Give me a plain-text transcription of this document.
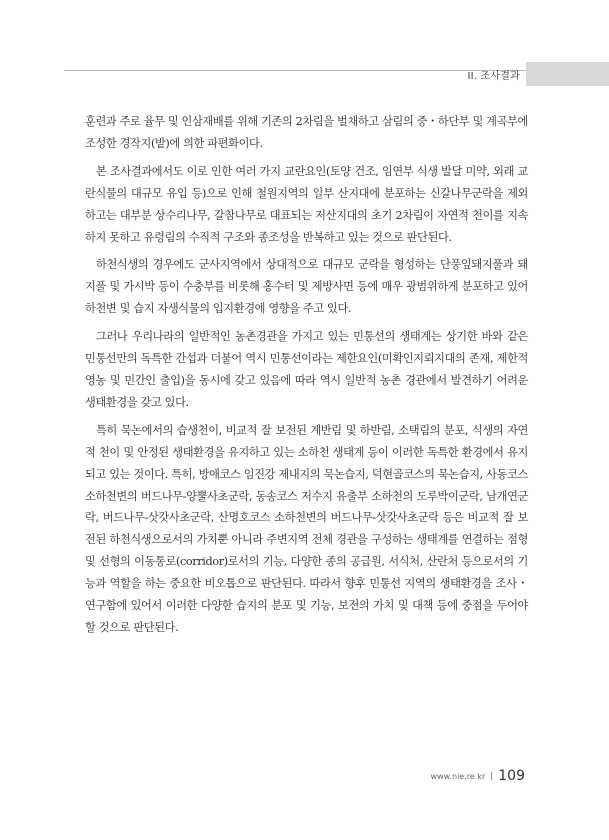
II. 조사결과

훈련과 주로 율무 및 인삼재배를 위해 기존의 2차림을 벌채하고 삼림의 중・하단부 및 계곡부에 조성한 경작지(밭)에 의한 파편화이다.

본 조사결과에서도 이로 인한 여러 가지 교란요인(토양 건조, 임연부 식생 발달 미약, 외래 교란식물의 대규모 유입 등)으로 인해 철원지역의 일부 산지대에 분포하는 신갈나무군락을 제외하고는 대부분 상수리나무, 갈참나무로 대표되는 저산지대의 초기 2차림이 자연적 천이를 지속하지 못하고 유령림의 수직적 구조와 종조성을 반복하고 있는 것으로 판단된다.

하천식생의 경우에도 군사지역에서 상대적으로 대규모 군락을 형성하는 단풍잎돼지풀과 돼지풀 및 가시박 등이 수충부를 비롯해 홍수터 및 제방사면 등에 매우 광범위하게 분포하고 있어 하천변 및 습지 자생식물의 입지환경에 영향을 주고 있다.

그러나 우리나라의 일반적인 농촌경관을 가지고 있는 민통선의 생태계는 상기한 바와 같은 민통선만의 독특한 간섭과 더불어 역시 민통선이라는 제한요인(미확인지뢰지대의 존재, 제한적 영농 및 민간인 출입)을 동시에 갖고 있음에 따라 역시 일반적 농촌 경관에서 발견하기 어려운 생태환경을 갖고 있다.

특히 묵논에서의 습생천이, 비교적 잘 보전된 계반림 및 하반림, 소택림의 분포, 식생의 자연적 천이 및 안정된 생태환경을 유지하고 있는 소하천 생태계 등이 이러한 독특한 환경에서 유지되고 있는 것이다. 특히, 방애코스 임진강 제내지의 묵논습지, 덕현골코스의 묵논습지, 사동코스 소하천변의 버드나무-양뿔사초군락, 동송코스 저수지 유출부 소하천의 도루박이군락, 남개연군락, 버드나무-삿갓사초군락, 산명호코스 소하천변의 버드나무-삿갓사초군락 등은 비교적 잘 보전된 하천식생으로서의 가치뿐 아니라 주변지역 전체 경관을 구성하는 생태계를 연결하는 점형 및 선형의 이동통로(corridor)로서의 기능, 다양한 종의 공급원, 서식처, 산란처 등으로서의 기능과 역할을 하는 중요한 비오톱으로 판단된다. 따라서 향후 민통선 지역의 생태환경을 조사・연구함에 있어서 이러한 다양한 습지의 분포 및 기능, 보전의 가치 및 대책 등에 중점을 두어야 할 것으로 판단된다.

www.nie.re.kr 109
